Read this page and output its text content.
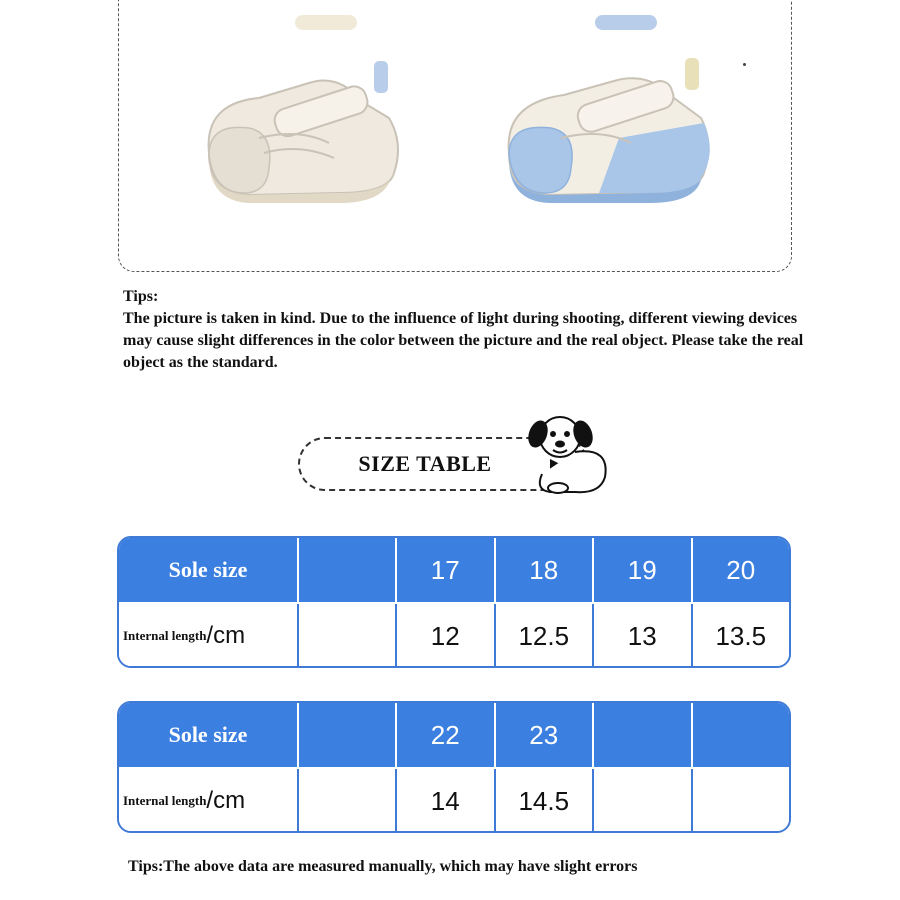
Tips:
The picture is taken in kind. Due to the influence of light during shooting, different viewing devices may cause slight differences in the color between the picture and the real object. Please take the real object as the standard.
SIZE TABLE
Sole size	17	18	19	20
Internal length /cm	12	12.5	13	13.5
Sole size	22	23
Internal length /cm	14	14.5
Tips:The above data are measured manually, which may have slight errors
